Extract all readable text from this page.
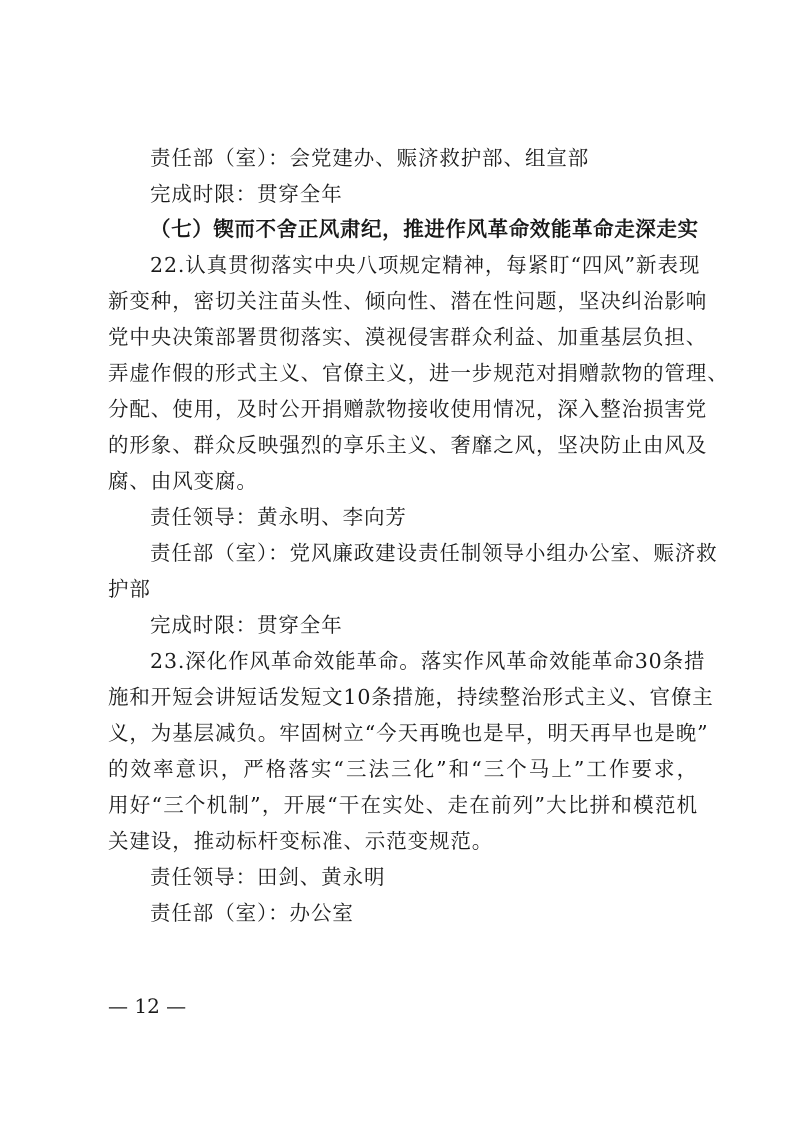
责任部（室）：会党建办、赈济救护部、组宣部
完成时限：贯穿全年
（七）锲而不舍正风肃纪，推进作风革命效能革命走深走实
22.认真贯彻落实中央八项规定精神，每紧盯“四风”新表现
新变种，密切关注苗头性、倾向性、潜在性问题，坚决纠治影响
党中央决策部署贯彻落实、漠视侵害群众利益、加重基层负担、
弄虚作假的形式主义、官僚主义，进一步规范对捐赠款物的管理、
分配、使用，及时公开捐赠款物接收使用情况，深入整治损害党
的形象、群众反映强烈的享乐主义、奢靡之风，坚决防止由风及
腐、由风变腐。
责任领导：黄永明、李向芳
责任部（室）：党风廉政建设责任制领导小组办公室、赈济救
护部
完成时限：贯穿全年
23.深化作风革命效能革命。落实作风革命效能革命30条措
施和开短会讲短话发短文10条措施，持续整治形式主义、官僚主
义，为基层减负。牢固树立“今天再晚也是早，明天再早也是晚”
的效率意识，严格落实“三法三化”和“三个马上”工作要求，
用好“三个机制”，开展“干在实处、走在前列”大比拼和模范机
关建设，推动标杆变标准、示范变规范。
责任领导：田剑、黄永明
责任部（室）：办公室
— 12 —
